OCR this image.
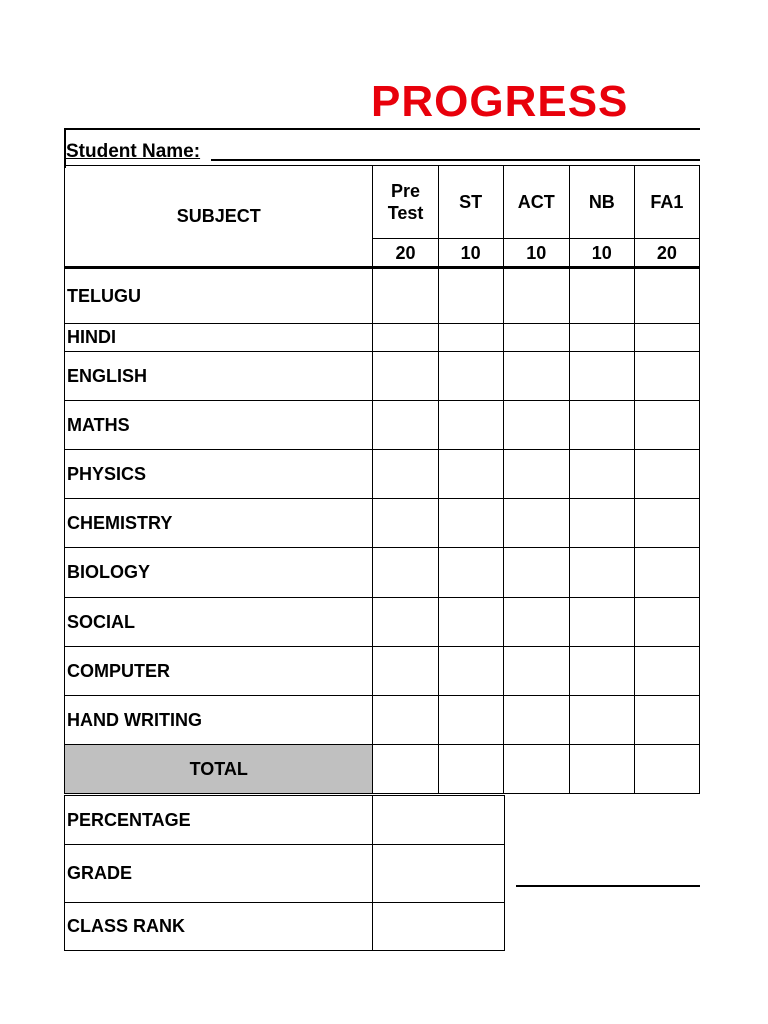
PROGRESS
Student Name:
SUBJECT	Pre Test	ST	ACT	NB	FA1
	20	10	10	10	20
TELUGU					
HINDI					
ENGLISH					
MATHS					
PHYSICS					
CHEMISTRY					
BIOLOGY					
SOCIAL					
COMPUTER					
HAND WRITING					
TOTAL					
PERCENTAGE	
GRADE	
CLASS RANK	
